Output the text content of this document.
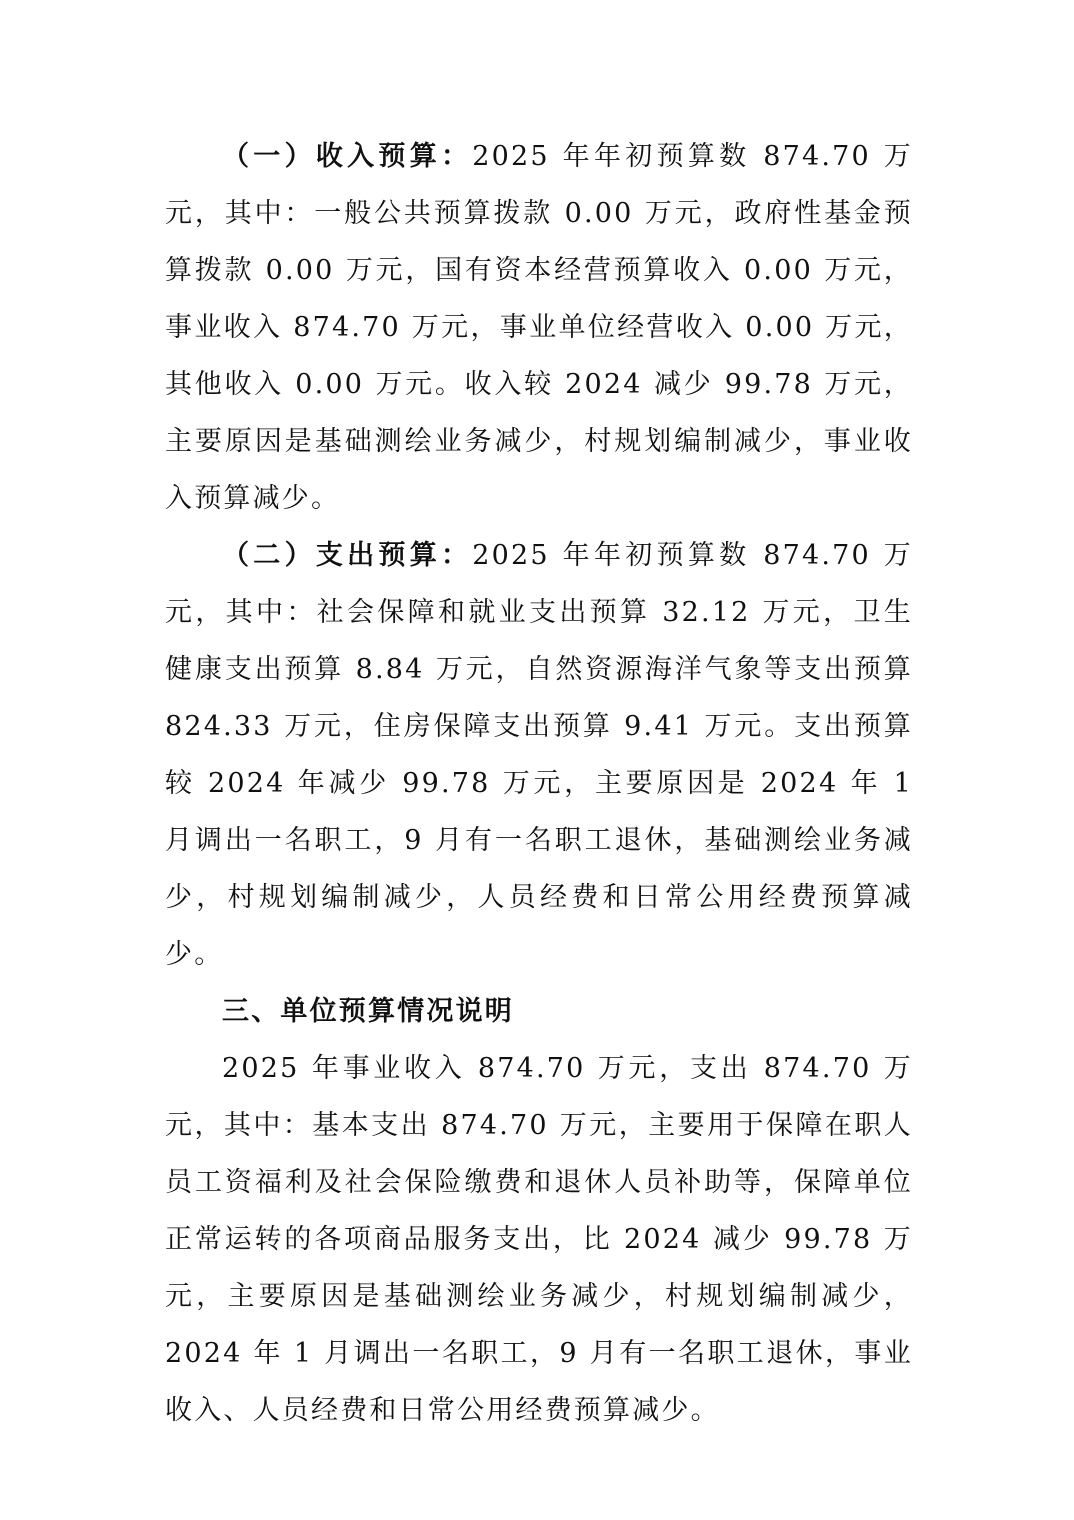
（一）收入预算：2025 年年初预算数 874.70 万元，其中：一般公共预算拨款 0.00 万元，政府性基金预算拨款 0.00 万元，国有资本经营预算收入 0.00 万元，事业收入 874.70 万元，事业单位经营收入 0.00 万元，其他收入 0.00 万元。收入较 2024 减少 99.78 万元，主要原因是基础测绘业务减少，村规划编制减少，事业收入预算减少。

（二）支出预算：2025 年年初预算数 874.70 万元，其中：社会保障和就业支出预算 32.12 万元，卫生健康支出预算 8.84 万元，自然资源海洋气象等支出预算 824.33 万元，住房保障支出预算 9.41 万元。支出预算较 2024 年减少 99.78 万元，主要原因是 2024 年 1 月调出一名职工，9 月有一名职工退休，基础测绘业务减少，村规划编制减少，人员经费和日常公用经费预算减少。

三、单位预算情况说明

2025 年事业收入 874.70 万元，支出 874.70 万元，其中：基本支出 874.70 万元，主要用于保障在职人员工资福利及社会保险缴费和退休人员补助等，保障单位正常运转的各项商品服务支出，比 2024 减少 99.78 万元，主要原因是基础测绘业务减少，村规划编制减少，2024 年 1 月调出一名职工，9 月有一名职工退休，事业收入、人员经费和日常公用经费预算减少。
